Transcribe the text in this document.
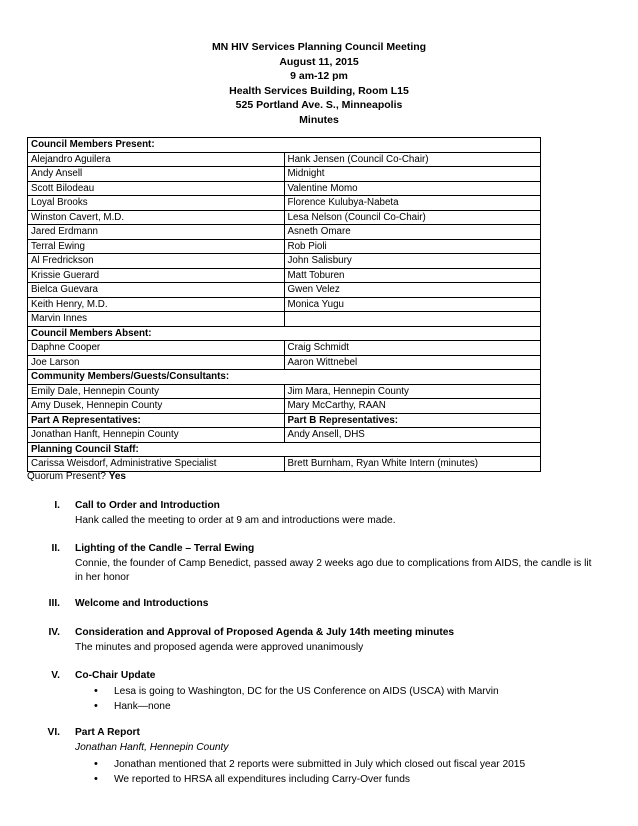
MN HIV Services Planning Council Meeting
August 11, 2015
9 am-12 pm
Health Services Building, Room L15
525 Portland Ave. S., Minneapolis
Minutes
Council Members Present:	
Alejandro Aguilera	Hank Jensen (Council Co-Chair)
Andy Ansell	Midnight
Scott Bilodeau	Valentine Momo
Loyal Brooks	Florence Kulubya-Nabeta
Winston Cavert, M.D.	Lesa Nelson (Council Co-Chair)
Jared Erdmann	Asneth Omare
Terral Ewing	Rob Pioli
Al Fredrickson	John Salisbury
Krissie Guerard	Matt Toburen
Bielca Guevara	Gwen Velez
Keith Henry, M.D.	Monica Yugu
Marvin Innes	
Council Members Absent:	
Daphne Cooper	Craig Schmidt
Joe Larson	Aaron Wittnebel
Community Members/Guests/Consultants:	
Emily Dale, Hennepin County	Jim Mara, Hennepin County
Amy Dusek, Hennepin County	Mary McCarthy, RAAN
Part A Representatives:	Part B Representatives:
Jonathan Hanft, Hennepin County	Andy Ansell, DHS
Planning Council Staff:	
Carissa Weisdorf, Administrative Specialist	Brett Burnham, Ryan White Intern (minutes)
Quorum Present? Yes
I. Call to Order and Introduction
Hank called the meeting to order at 9 am and introductions were made.
II. Lighting of the Candle – Terral Ewing
Connie, the founder of Camp Benedict, passed away 2 weeks ago due to complications from AIDS, the candle is lit in her honor
III. Welcome and Introductions
IV. Consideration and Approval of Proposed Agenda & July 14th meeting minutes
The minutes and proposed agenda were approved unanimously
V. Co-Chair Update
• Lesa is going to Washington, DC for the US Conference on AIDS (USCA) with Marvin
• Hank—none
VI. Part A Report
Jonathan Hanft, Hennepin County
• Jonathan mentioned that 2 reports were submitted in July which closed out fiscal year 2015
• We reported to HRSA all expenditures including Carry-Over funds
